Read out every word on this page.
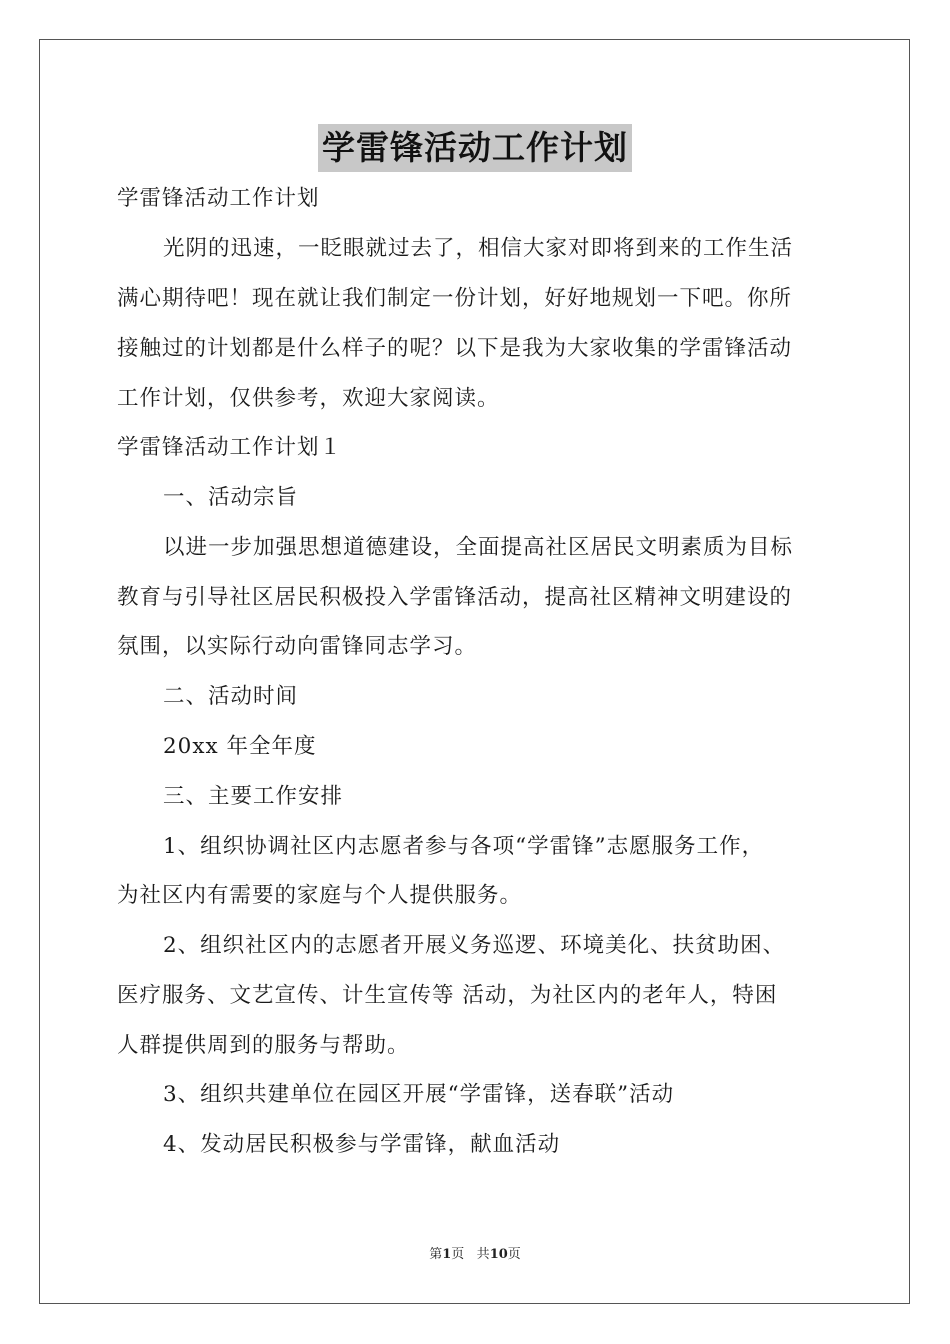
学雷锋活动工作计划
学雷锋活动工作计划
光阴的迅速，一眨眼就过去了，相信大家对即将到来的工作生活
满心期待吧！现在就让我们制定一份计划，好好地规划一下吧。你所
接触过的计划都是什么样子的呢？以下是我为大家收集的学雷锋活动
工作计划，仅供参考，欢迎大家阅读。
学雷锋活动工作计划１
一、活动宗旨
以进一步加强思想道德建设，全面提高社区居民文明素质为目标
教育与引导社区居民积极投入学雷锋活动，提高社区精神文明建设的
氛围，以实际行动向雷锋同志学习。
二、活动时间
20xx 年全年度
三、主要工作安排
1、组织协调社区内志愿者参与各项“学雷锋”志愿服务工作，
为社区内有需要的家庭与个人提供服务。
2、组织社区内的志愿者开展义务巡逻、环境美化、扶贫助困、
医疗服务、文艺宣传、计生宣传等 活动，为社区内的老年人，特困
人群提供周到的服务与帮助。
3、组织共建单位在园区开展“学雷锋，送春联”活动
4、发动居民积极参与学雷锋，献血活动
第1页 共10页
